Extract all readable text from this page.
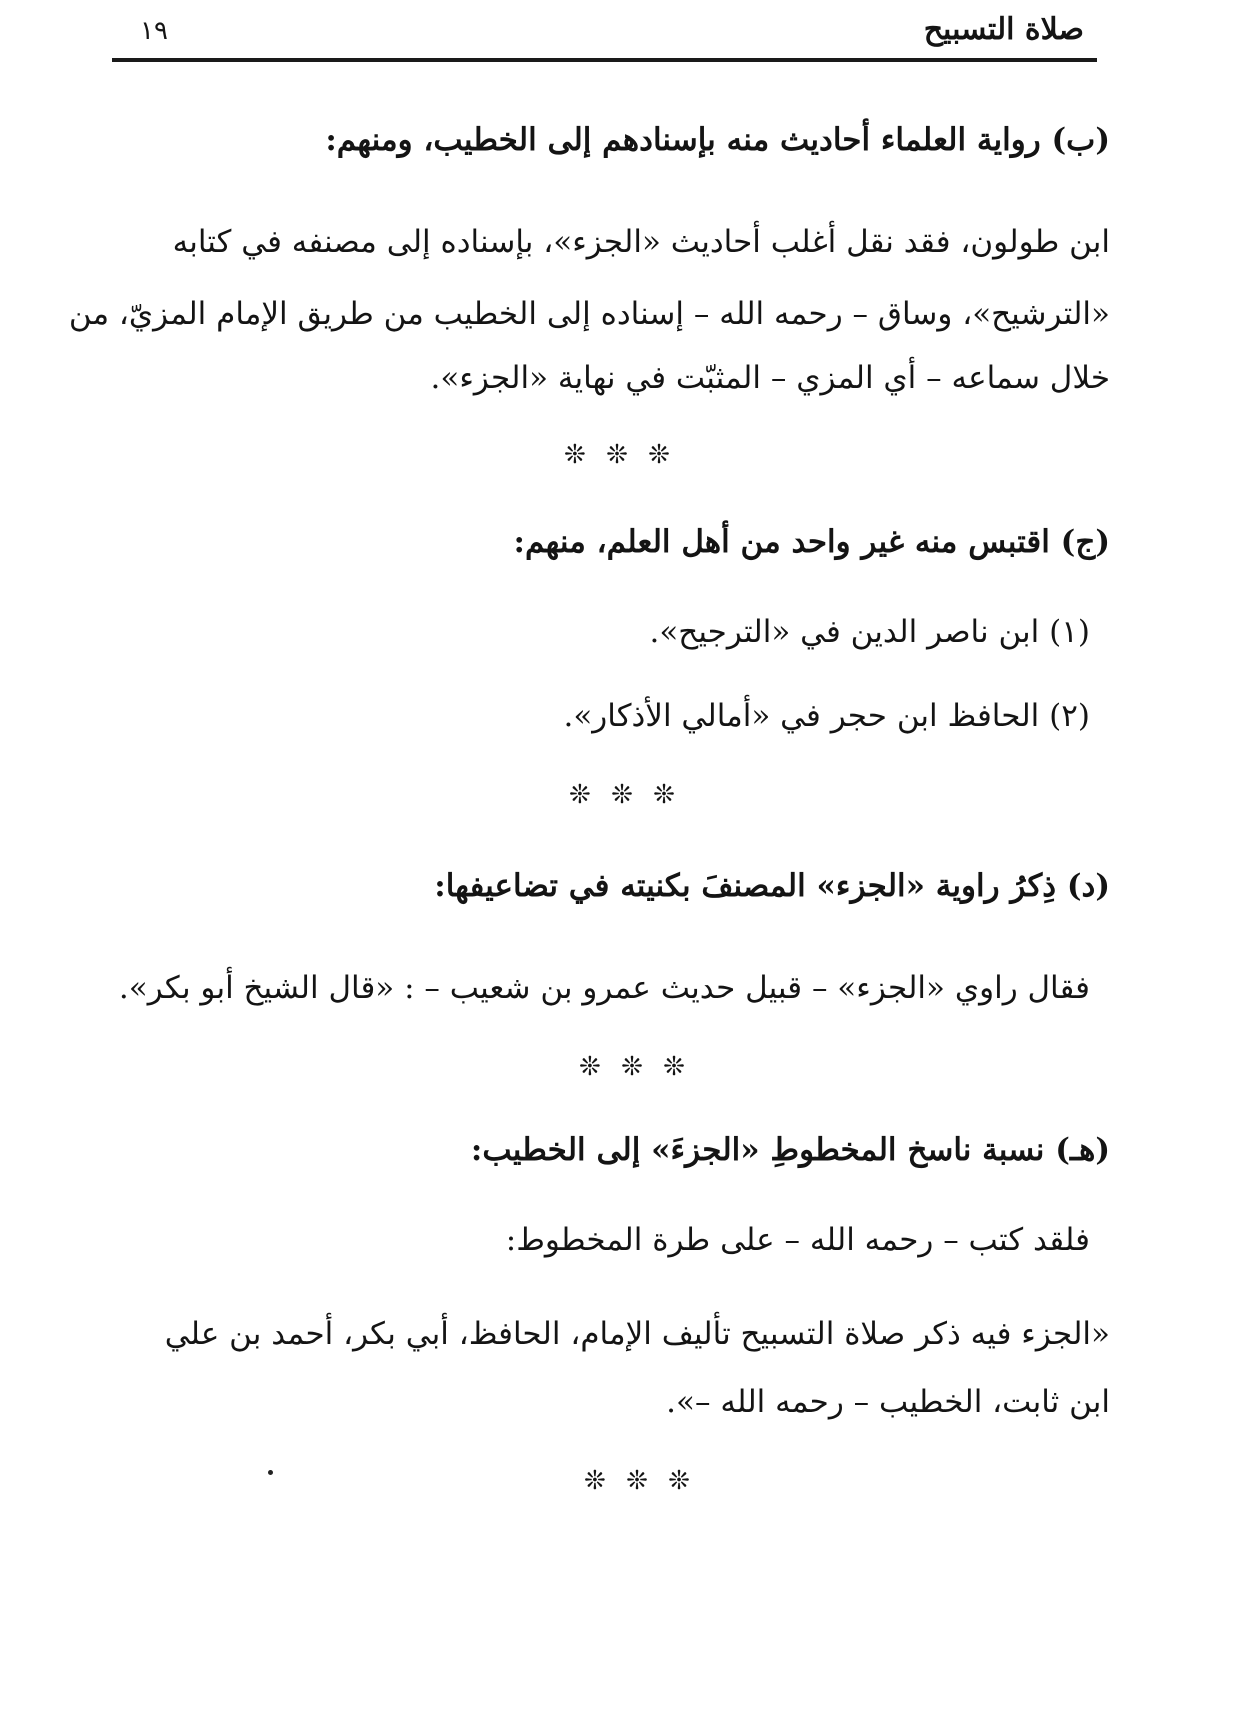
صلاة التسبيح
١٩
(ب) رواية العلماء أحاديث منه بإسنادهم إلى الخطيب، ومنهم:
ابن طولون، فقد نقل أغلب أحاديث «الجزء»، بإسناده إلى مصنفه في كتابه
«الترشيح»، وساق – رحمه الله – إسناده إلى الخطيب من طريق الإمام المزيّ، من
خلال سماعه – أي المزي – المثبّت في نهاية «الجزء».
❊ ❊ ❊
(ج) اقتبس منه غير واحد من أهل العلم، منهم:
(١) ابن ناصر الدين في «الترجيح».
(٢) الحافظ ابن حجر في «أمالي الأذكار».
❊ ❊ ❊
(د) ذِكرُ راوية «الجزء» المصنفَ بكنيته في تضاعيفها:
فقال راوي «الجزء» – قبيل حديث عمرو بن شعيب – : «قال الشيخ أبو بكر».
❊ ❊ ❊
(هـ) نسبة ناسخ المخطوطِ «الجزءَ» إلى الخطيب:
فلقد كتب – رحمه الله – على طرة المخطوط:
«الجزء فيه ذكر صلاة التسبيح تأليف الإمام، الحافظ، أبي بكر، أحمد بن علي
ابن ثابت، الخطيب – رحمه الله –».
❊ ❊ ❊
